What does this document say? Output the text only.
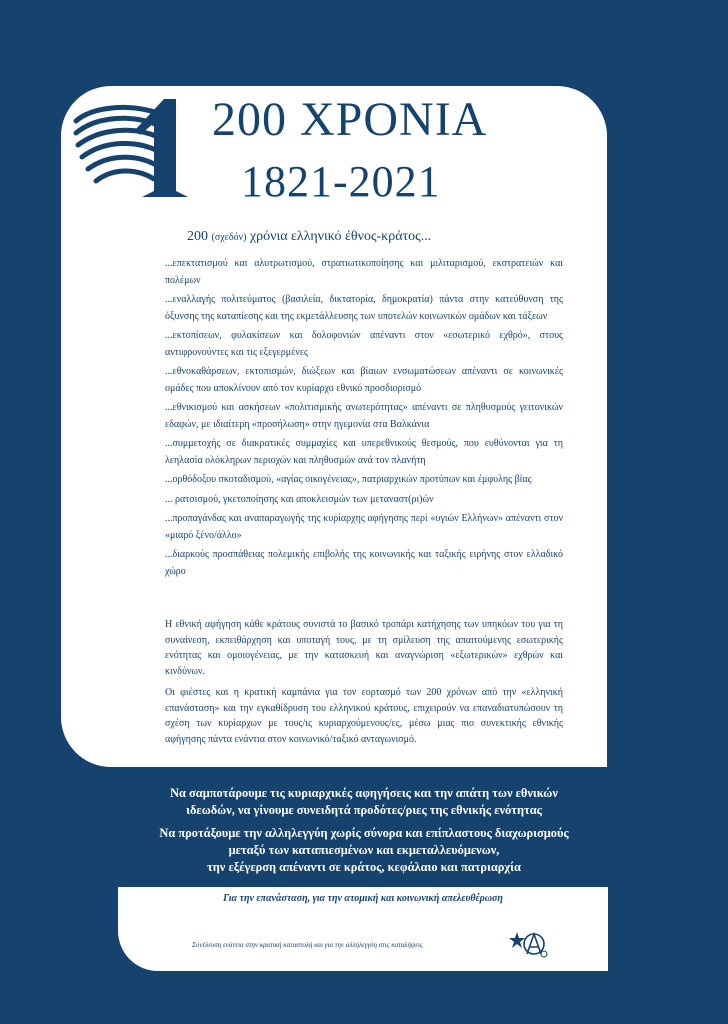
200 ΧΡΟΝΙΑ
1821-2021
200 (σχεδόν) χρόνια ελληνικό έθνος-κράτος...
...επεκτατισμού και αλυτρωτισμού, στρατιωτικοποίησης και μιλιταρισμού, εκστρατειών και πολέμων
...εναλλαγής πολιτεύματος (βασιλεία, δικτατορία, δημοκρατία) πάντα στην κατεύθυνση της όξυνσης της καταπίεσης και της εκμετάλλευσης των υποτελών κοινωνικών ομάδων και τάξεων
...εκτοπίσεων, φυλακίσεων και δολοφονιών απέναντι στον «εσωτερικό εχθρό», στους αντιφρονούντες και τις εξεγερμένες
...εθνοκαθάρσεων, εκτοπισμών, διώξεων και βίαιων ενσωματώσεων απέναντι σε κοινωνικές ομάδες που αποκλίνουν από τον κυρίαρχο εθνικό προσδιορισμό
...εθνικισμού και ασκήσεων «πολιτισμικής ανωτερότητας» απέναντι σε πληθυσμούς γειτονικών εδαφών, με ιδιαίτερη «προσήλωση» στην ηγεμονία στα Βαλκάνια
...συμμετοχής σε διακρατικές συμμαχίες και υπερεθνικούς θεσμούς, που ευθύνονται για τη λεηλασία ολόκληρων περιοχών και πληθυσμών ανά τον πλανήτη
...ορθόδοξου σκοταδισμού, «αγίας οικογένειας», πατριαρχικών προτύπων και έμφυλης βίας
... ρατσισμού, γκετοποίησης και αποκλεισμών των μεταναστ(ρι)ών
...προπαγάνδας και αναπαραγωγής της κυρίαρχης αφήγησης περί «υγιών Ελλήνων» απέναντι στον «μιαρό ξένο/άλλο»
...διαρκούς προσπάθειας πολεμικής επιβολής της κοινωνικής και ταξικής ειρήνης στον ελλαδικό χώρο
Η εθνική αφήγηση κάθε κράτους συνιστά το βασικό τροπάρι κατήχησης των υπηκόων του για τη συναίνεση, εκπειθάρχηση και υποταγή τους, με τη σμίλευση της απαιτούμενης εσωτερικής ενότητας και ομοιογένειας, με την κατασκευή και αναγνώριση «εξωτερικών» εχθρών και κινδύνων.
Οι φιέστες και η κρατική καμπάνια για τον εορτασμό των 200 χρόνων από την «ελληνική επανάσταση» και την εγκαθίδρυση του ελληνικού κράτους, επιχειρούν να επαναδιατυπώσουν τη σχέση των κυρίαρχων με τους/ις κυριαρχούμενους/ες, μέσω μιας πιο συνεκτικής εθνικής αφήγησης πάντα ενάντια στον κοινωνικό/ταξικό ανταγωνισμό.
Να σαμποτάρουμε τις κυριαρχικές αφηγήσεις και την απάτη των εθνικών
ιδεωδών, να γίνουμε συνειδητά προδότες/ριες της εθνικής ενότητας
Να προτάξουμε την αλληλεγγύη χωρίς σύνορα και επίπλαστους διαχωρισμούς
μεταξύ των καταπιεσμένων και εκμεταλλευόμενων,
την εξέγερση απέναντι σε κράτος, κεφάλαιο και πατριαρχία
Για την επανάσταση, για την ατομική και κοινωνική απελευθέρωση
Συνέλευση ενάντια στην κρατική καταστολή και για την αλληλεγγύη στις καταλήψεις
